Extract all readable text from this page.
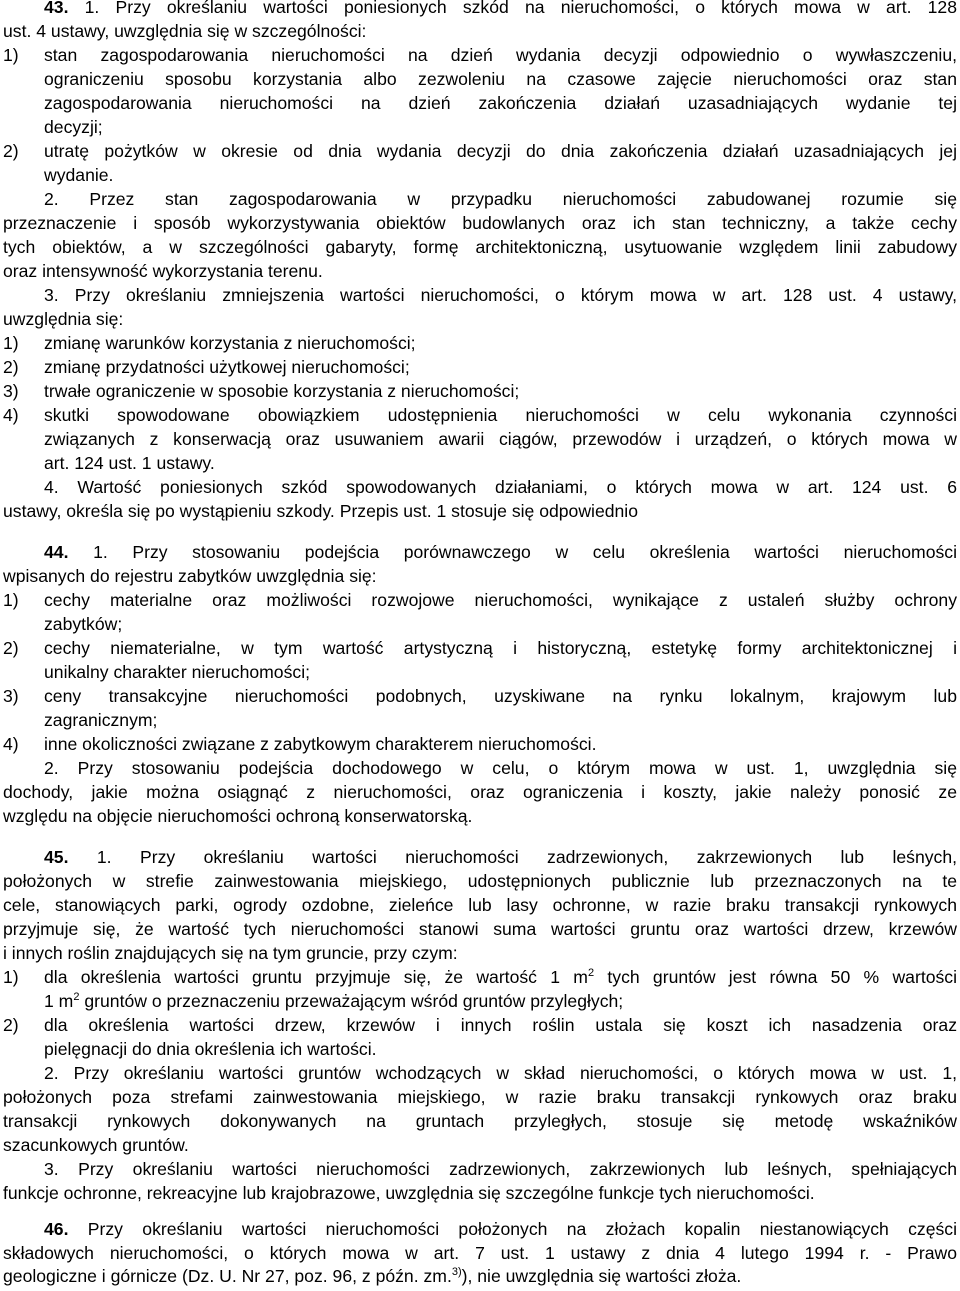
43. 1. Przy określaniu wartości poniesionych szkód na nieruchomości, o których mowa w art. 128
ust. 4 ustawy, uwzględnia się w szczególności:
1)	stan zagospodarowania nieruchomości na dzień wydania decyzji odpowiednio o wywłaszczeniu,
ograniczeniu sposobu korzystania albo zezwoleniu na czasowe zajęcie nieruchomości oraz stan
zagospodarowania nieruchomości na dzień zakończenia działań uzasadniających wydanie tej
decyzji;
2)	utratę pożytków w okresie od dnia wydania decyzji do dnia zakończenia działań uzasadniających jej
wydanie.
2. Przez stan zagospodarowania w przypadku nieruchomości zabudowanej rozumie się
przeznaczenie i sposób wykorzystywania obiektów budowlanych oraz ich stan techniczny, a także cechy
tych obiektów, a w szczególności gabaryty, formę architektoniczną, usytuowanie względem linii zabudowy
oraz intensywność wykorzystania terenu.
3. Przy określaniu zmniejszenia wartości nieruchomości, o którym mowa w art. 128 ust. 4 ustawy,
uwzględnia się:
1)	zmianę warunków korzystania z nieruchomości;
2)	zmianę przydatności użytkowej nieruchomości;
3)	trwałe ograniczenie w sposobie korzystania z nieruchomości;
4)	skutki spowodowane obowiązkiem udostępnienia nieruchomości w celu wykonania czynności
związanych z konserwacją oraz usuwaniem awarii ciągów, przewodów i urządzeń, o których mowa w
art. 124 ust. 1 ustawy.
4. Wartość poniesionych szkód spowodowanych działaniami, o których mowa w art. 124 ust. 6
ustawy, określa się po wystąpieniu szkody. Przepis ust. 1 stosuje się odpowiednio
44. 1. Przy stosowaniu podejścia porównawczego w celu określenia wartości nieruchomości
wpisanych do rejestru zabytków uwzględnia się:
1)	cechy materialne oraz możliwości rozwojowe nieruchomości, wynikające z ustaleń służby ochrony
zabytków;
2)	cechy niematerialne, w tym wartość artystyczną i historyczną, estetykę formy architektonicznej i
unikalny charakter nieruchomości;
3)	ceny transakcyjne nieruchomości podobnych, uzyskiwane na rynku lokalnym, krajowym lub
zagranicznym;
4)	inne okoliczności związane z zabytkowym charakterem nieruchomości.
2. Przy stosowaniu podejścia dochodowego w celu, o którym mowa w ust. 1, uwzględnia się
dochody, jakie można osiągnąć z nieruchomości, oraz ograniczenia i koszty, jakie należy ponosić ze
względu na objęcie nieruchomości ochroną konserwatorską.
45. 1. Przy określaniu wartości nieruchomości zadrzewionych, zakrzewionych lub leśnych,
położonych w strefie zainwestowania miejskiego, udostępnionych publicznie lub przeznaczonych na te
cele, stanowiących parki, ogrody ozdobne, zieleńce lub lasy ochronne, w razie braku transakcji rynkowych
przyjmuje się, że wartość tych nieruchomości stanowi suma wartości gruntu oraz wartości drzew, krzewów
i innych roślin znajdujących się na tym gruncie, przy czym:
1)	dla określenia wartości gruntu przyjmuje się, że wartość 1 $m^2$ tych gruntów jest równa 50 % wartości
1 $m^2$ gruntów o przeznaczeniu przeważającym wśród gruntów przyległych;
2)	dla określenia wartości drzew, krzewów i innych roślin ustala się koszt ich nasadzenia oraz
pielęgnacji do dnia określenia ich wartości.
2. Przy określaniu wartości gruntów wchodzących w skład nieruchomości, o których mowa w ust. 1,
położonych poza strefami zainwestowania miejskiego, w razie braku transakcji rynkowych oraz braku
transakcji rynkowych dokonywanych na gruntach przyległych, stosuje się metodę wskaźników
szacunkowych gruntów.
3. Przy określaniu wartości nieruchomości zadrzewionych, zakrzewionych lub leśnych, spełniających
funkcje ochronne, rekreacyjne lub krajobrazowe, uwzględnia się szczególne funkcje tych nieruchomości.
46. Przy określaniu wartości nieruchomości położonych na złożach kopalin niestanowiących części
składowych nieruchomości, o których mowa w art. 7 ust. 1 ustawy z dnia 4 lutego 1994 r. - Prawo
geologiczne i górnicze (Dz. U. Nr 27, poz. 96, z późn. zm.$^{3)}$), nie uwzględnia się wartości złoża.
